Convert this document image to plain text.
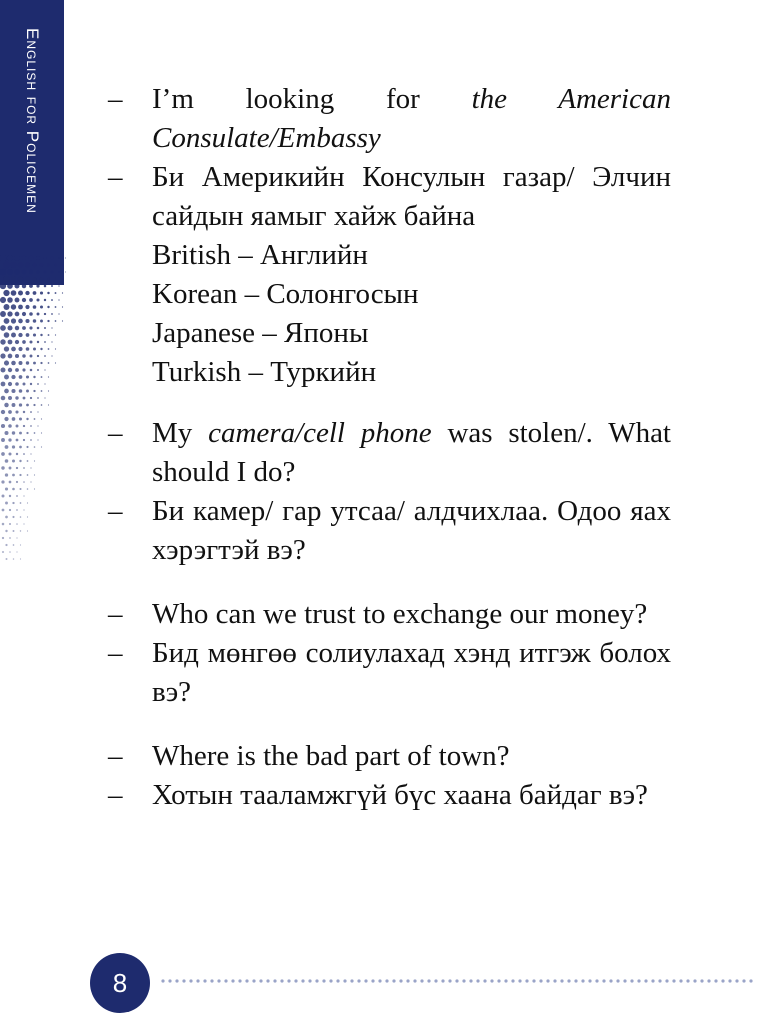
English for Policemen	–	I’m looking for the American Consulate/Embassy
–	Би Америкийн Консулын газар/ Элчин сайдын яамыг хайж байна
British – Английн
Korean – Солонгосын
Japanese – Японы
Turkish – Туркийн
–	My camera/cell phone was stolen/. What should I do?
–	Би камер/ гар утсаа/ алдчихлаа. Одоо яах хэрэгтэй вэ?
–	Who can we trust to exchange our money?
–	Бид мөнгөө солиулахад хэнд итгэж болох вэ?
–	Where is the bad part of town?
–	Хотын тааламжгүй бүс хаана байдаг вэ?
8
